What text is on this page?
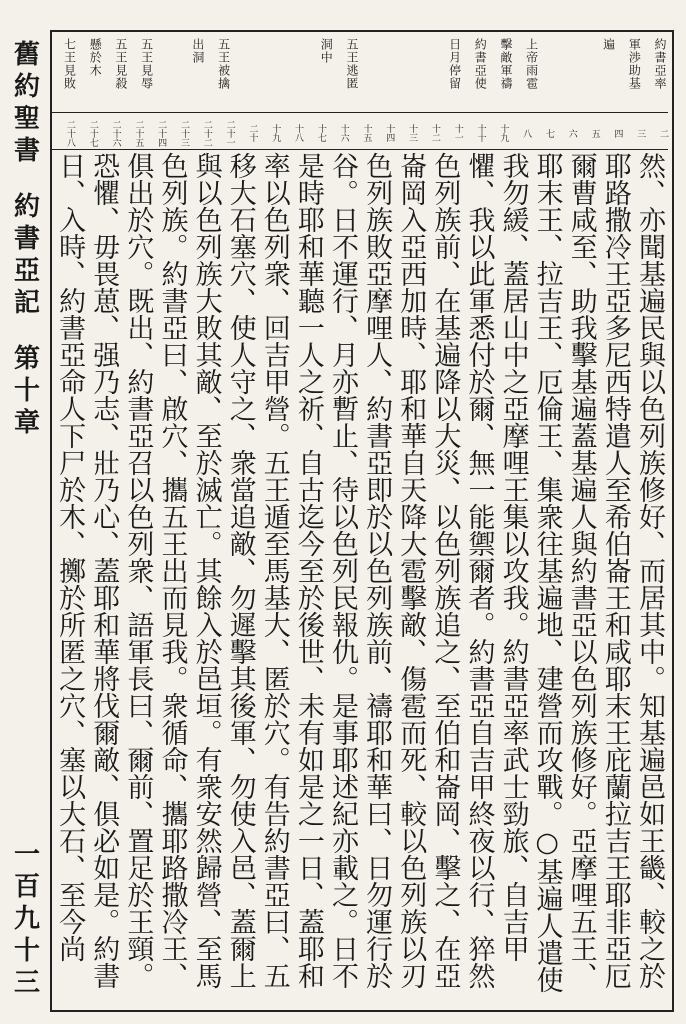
舊約聖書
約書亞記
第十章
一百九十三
約書亞率
軍渉助基
遍
上帝雨雹
擊敵軍禱
約書亞使
日月停留
五王逃匿
洞中
五王被擒
出洞
五王見辱
五王見殺
懸於木
七王見敗
二
三
四
五
六
七
八
十九
十十
十一
十二
十三
十四
十五
十六
十七
十八
十九
二十
二十一
二十二
二十三
二十四
二十五
二十六
二十七
二十八
然、亦聞基遍民與以色列族修好、而居其中。知基遍邑如王畿、較之於
耶路撒冷王亞多尼西特遣人至希伯崙王和咸耶末王庇蘭拉吉王耶非亞厄
爾曹咸至、助我擊基遍蓋基遍人與約書亞以色列族修好。亞摩哩五王、
耶末王、拉吉王、厄倫王、集衆往基遍地、建營而攻戰。○基遍人遣使
我勿緩、蓋居山中之亞摩哩王集以攻我。約書亞率武士勁旅、自吉甲
懼、我以此軍悉付於爾、無一能禦爾者。約書亞自吉甲終夜以行、猝然
色列族前、在基遍降以大災、以色列族追之、至伯和崙岡、擊之、在亞
崙岡入亞西加時、耶和華自天降大雹擊敵、傷雹而死、較以色列族以刃
色列族敗亞摩哩人、約書亞即於以色列族前、禱耶和華曰、日勿運行於
谷。日不運行、月亦暫止、待以色列民報仇。是事耶述紀亦載之。日不
是時耶和華聽一人之祈、自古迄今至於後世、未有如是之一日、蓋耶和
率以色列衆、回吉甲營。五王遁至馬基大、匿於穴。有告約書亞曰、五
移大石塞穴、使人守之、衆當追敵、勿遲擊其後軍、勿使入邑、蓋爾上
與以色列族大敗其敵、至於滅亡。其餘入於邑垣。有衆安然歸營、至馬
色列族。約書亞曰、啟穴、攜五王出而見我。衆循命、攜耶路撒冷王、
俱出於穴。既出、約書亞召以色列衆、語軍長曰、爾前、置足於王頸。
恐懼、毋畏葸、强乃志、壯乃心、蓋耶和華將伐爾敵、俱必如是。約書
日、入時、約書亞命人下尸於木、擲於所匿之穴、塞以大石、至今尚
